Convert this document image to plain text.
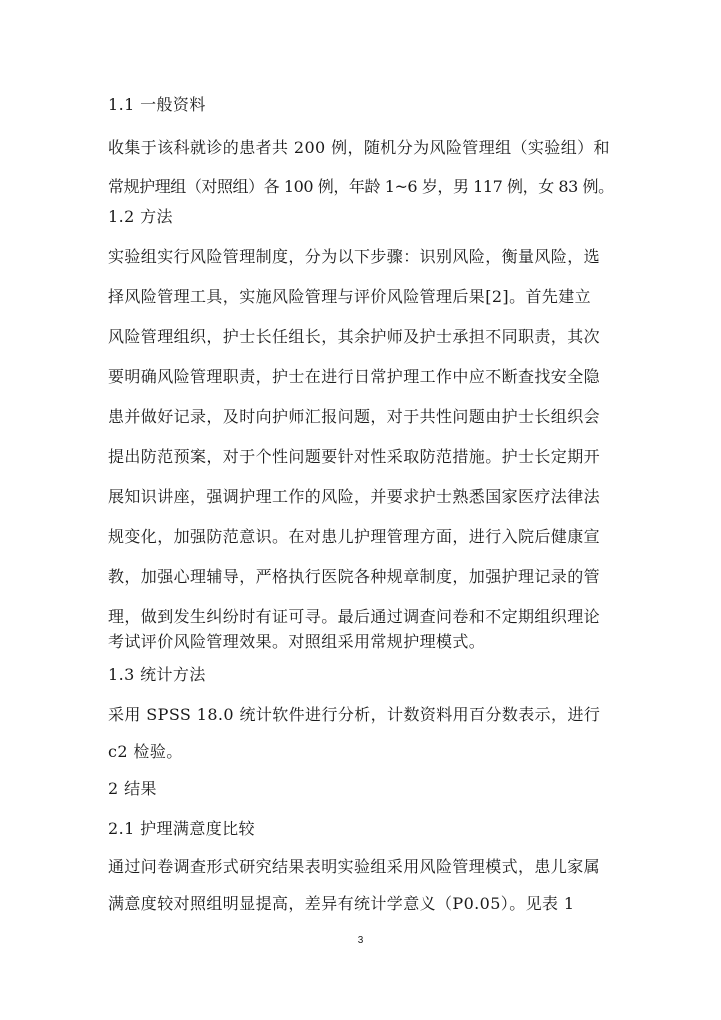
1.1 一般资料
收集于该科就诊的患者共 200 例，随机分为风险管理组（实验组）和
常规护理组（对照组）各 100 例，年龄 1~6 岁，男 117 例，女 83 例。
1.2 方法
实验组实行风险管理制度，分为以下步骤：识别风险，衡量风险，选
择风险管理工具，实施风险管理与评价风险管理后果[2]。首先建立
风险管理组织，护士长任组长，其余护师及护士承担不同职责，其次
要明确风险管理职责，护士在进行日常护理工作中应不断查找安全隐
患并做好记录，及时向护师汇报问题，对于共性问题由护士长组织会
提出防范预案，对于个性问题要针对性采取防范措施。护士长定期开
展知识讲座，强调护理工作的风险，并要求护士熟悉国家医疗法律法
规变化，加强防范意识。在对患儿护理管理方面，进行入院后健康宣
教，加强心理辅导，严格执行医院各种规章制度，加强护理记录的管
理，做到发生纠纷时有证可寻。最后通过调查问卷和不定期组织理论
考试评价风险管理效果。对照组采用常规护理模式。
1.3 统计方法
采用 SPSS 18.0 统计软件进行分析，计数资料用百分数表示，进行
c2 检验。
2 结果
2.1 护理满意度比较
通过问卷调查形式研究结果表明实验组采用风险管理模式，患儿家属
满意度较对照组明显提高，差异有统计学意义（P0.05）。见表 1
3
